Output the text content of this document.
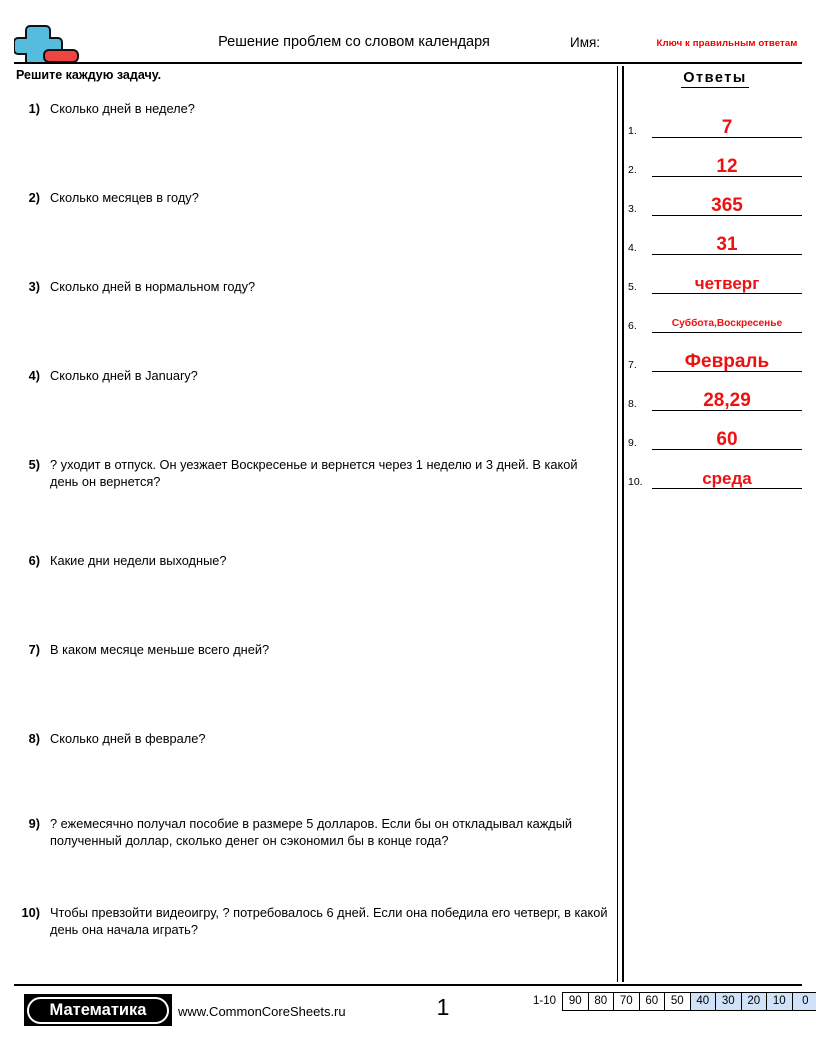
Решение проблем со словом календаря	Имя:	Ключ к правильным ответам
Решите каждую задачу.
1) Сколько дней в неделе?
2) Сколько месяцев в году?
3) Сколько дней в нормальном году?
4) Сколько дней в January?
5) ? уходит в отпуск. Он уезжает Воскресенье и вернется через 1 неделю и 3 дней. В какой день он вернется?
6) Какие дни недели выходные?
7) В каком месяце меньше всего дней?
8) Сколько дней в феврале?
9) ? ежемесячно получал пособие в размере 5 долларов. Если бы он откладывал каждый полученный доллар, сколько денег он сэкономил бы в конце года?
10) Чтобы превзойти видеоигру, ? потребовалось 6 дней. Если она победила его четверг, в какой день она начала играть?
Ответы
1.	7
2.	12
3.	365
4.	31
5.	четверг
6.	Суббота,Воскресенье
7.	Февраль
8.	28,29
9.	60
10.	среда
Математика	www.CommonCoreSheets.ru	1	1-10	90	80	70	60	50	40	30	20	10	0
